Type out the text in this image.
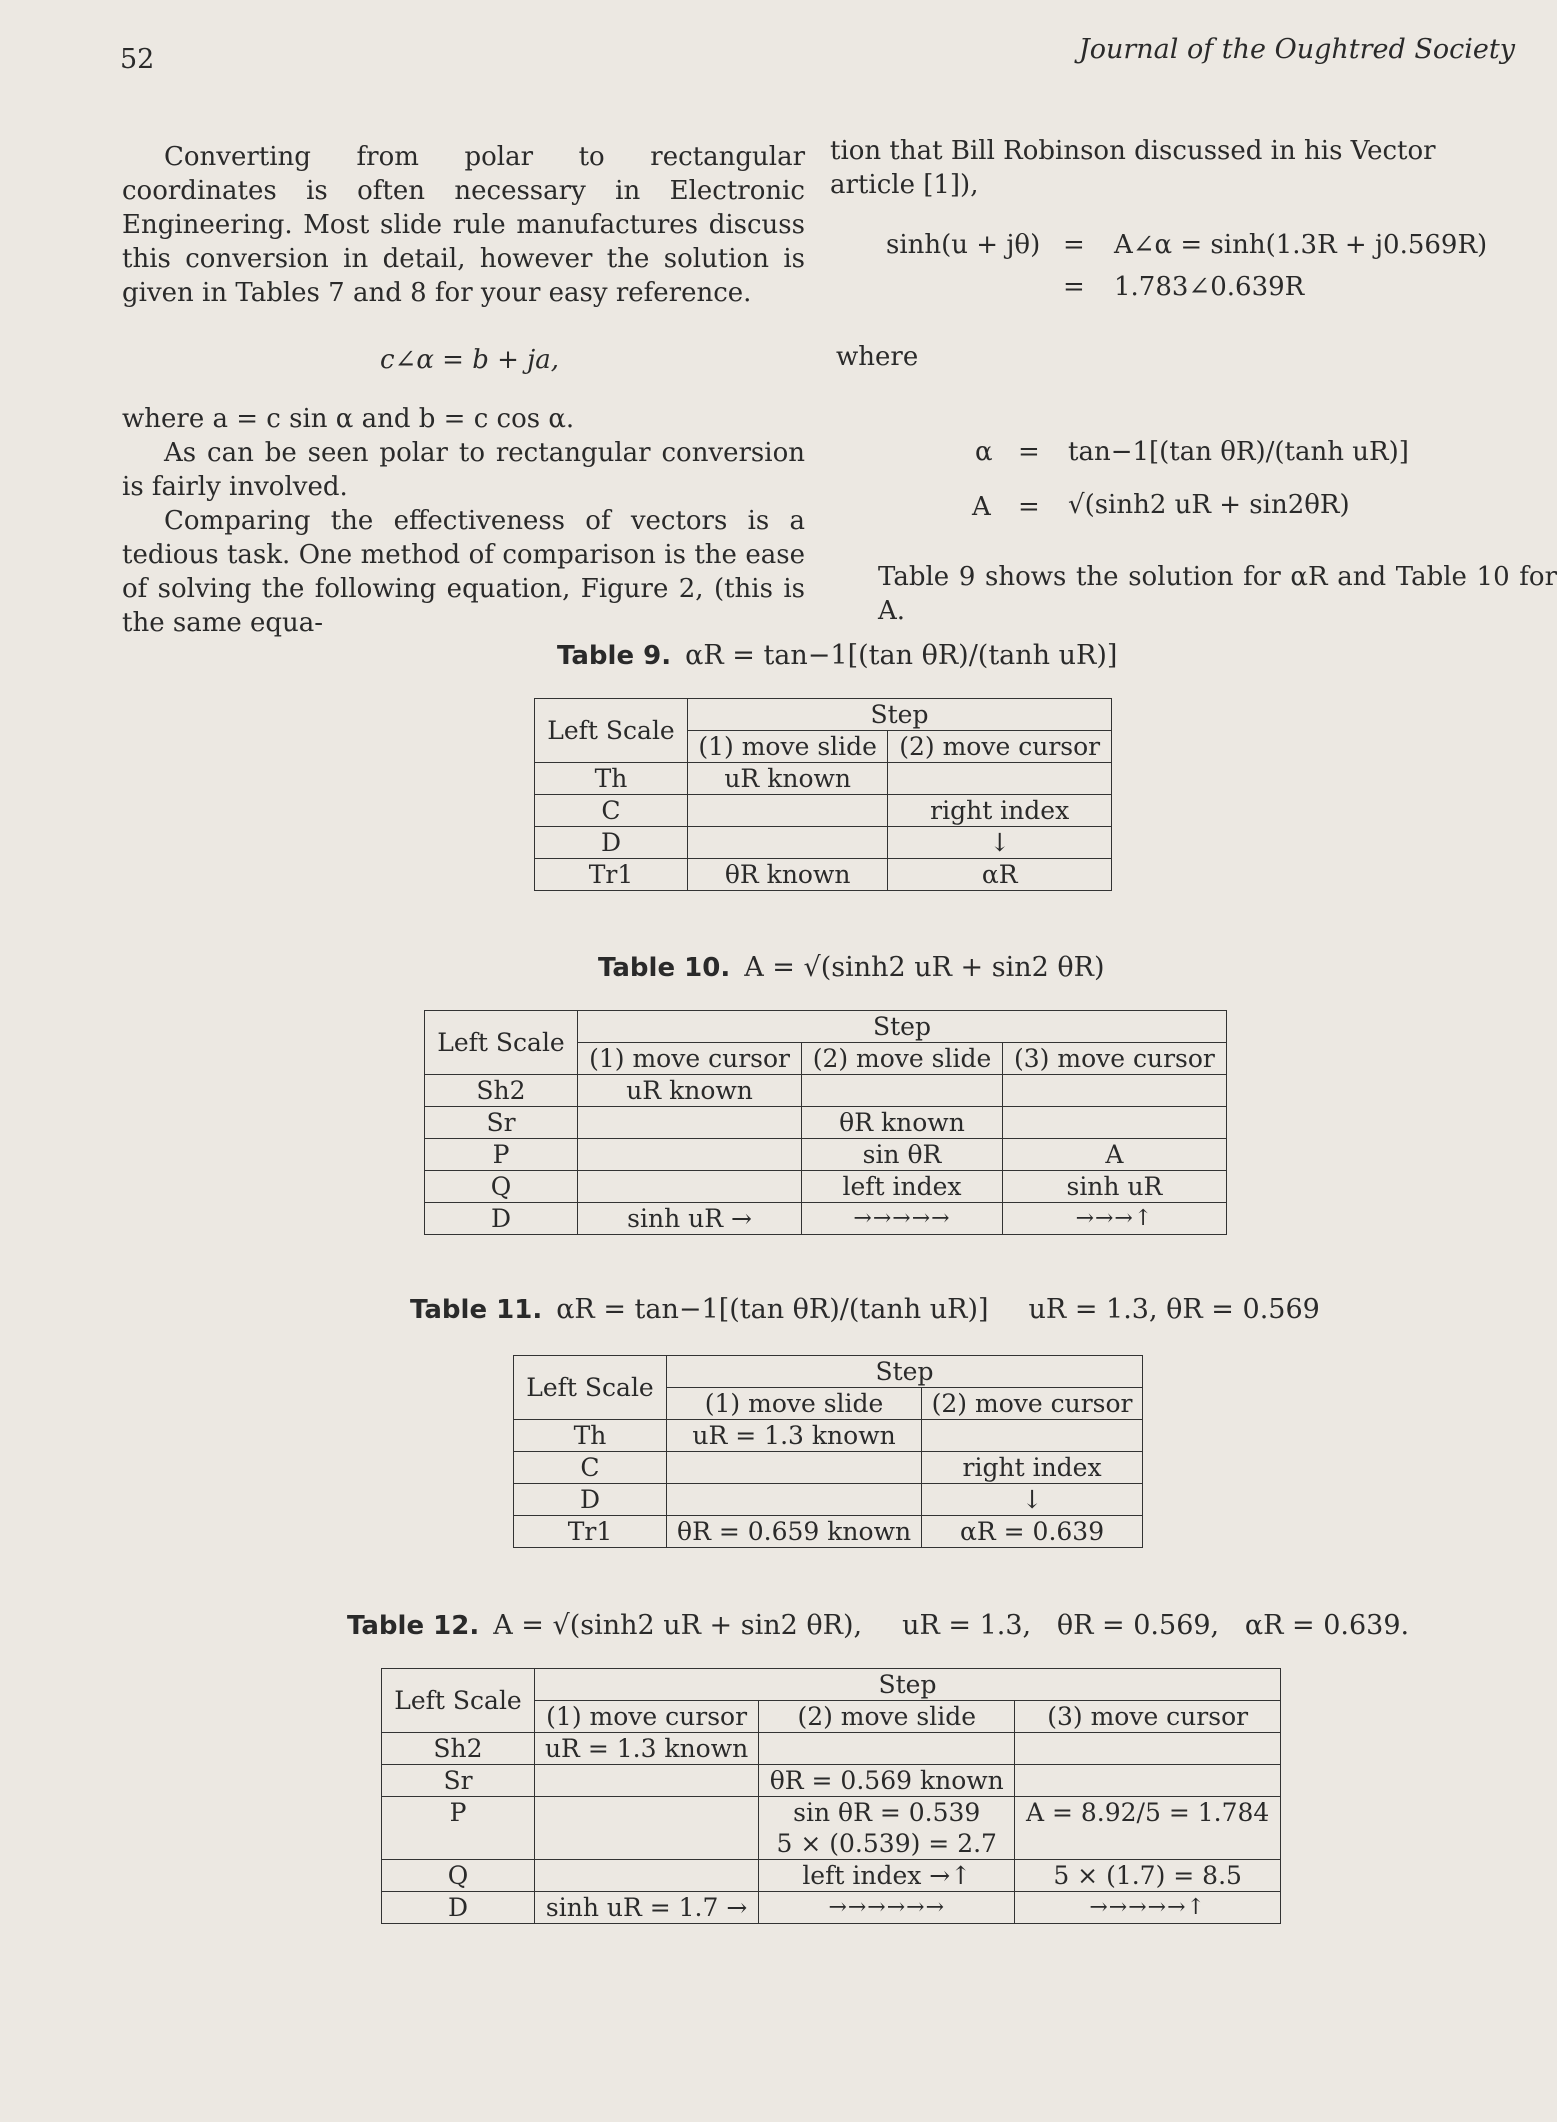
52	Journal of the Oughtred Society

Converting from polar to rectangular coordinates is often necessary in Electronic Engineering. Most slide rule manufactures discuss this conversion in detail, however the solution is given in Tables 7 and 8 for your easy reference.

c∠α = b + ja,

where a = c sin α and b = c cos α.

As can be seen polar to rectangular conversion is fairly involved.

Comparing the effectiveness of vectors is a tedious task. One method of comparison is the ease of solving the following equation, Figure 2, (this is the same equa-

tion that Bill Robinson discussed in his Vector article [1]),
sinh(u + jθ) = A∠α = sinh(1.3R + j0.569R)
= 1.783∠0.639R
where
α = tan−1[(tan θR)/(tanh uR)]
A = √(sinh2 uR + sin2θR)
Table 9 shows the solution for αR and Table 10 for A.
Table 9. αR = tan−1[(tan θR)/(tanh uR)]
Left Scale	Step	
	(1) move slide	(2) move cursor
Th	uR known	
C		right index
D		↓
Tr1	θR known	αR
Table 10. A = √(sinh2 uR + sin2 θR)
Left Scale	Step		
	(1) move cursor	(2) move slide	(3) move cursor
Sh2	uR known		
Sr		θR known	
P		sin θR	A
Q		left index	sinh uR
D	sinh uR →	→→→→→	→→→↑
Table 11. αR = tan−1[(tan θR)/(tanh uR)] uR = 1.3, θR = 0.569
Left Scale	Step	
	(1) move slide	(2) move cursor
Th	uR = 1.3 known	
C		right index
D		↓
Tr1	θR = 0.659 known	αR = 0.639
Table 12. A = √(sinh2 uR + sin2 θR), uR = 1.3,   θR = 0.569,   αR = 0.639.
Left Scale	Step		
	(1) move cursor	(2) move slide	(3) move cursor
Sh2	uR = 1.3 known		
Sr		θR = 0.569 known	
P		sin θR = 0.539	A = 8.92/5 = 1.784
		5 × (0.539) = 2.7	
Q		left index →↑	5 × (1.7) = 8.5
D	sinh uR = 1.7 →	→→→→→→	→→→→→↑
